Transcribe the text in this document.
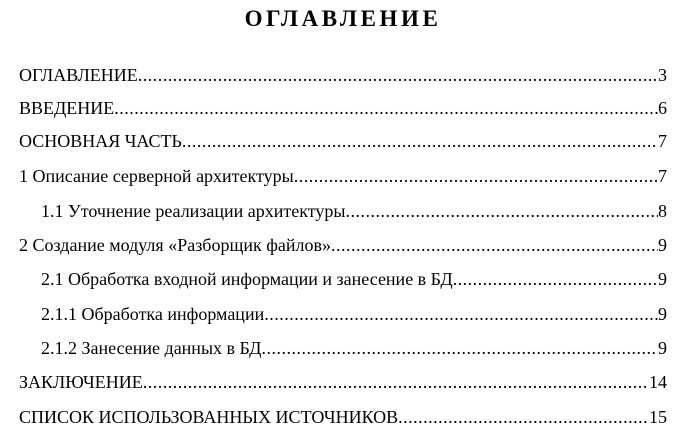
ОГЛАВЛЕНИЕ
ОГЛАВЛЕНИЕ .....	3
ВВЕДЕНИЕ .....	6
ОСНОВНАЯ ЧАСТЬ .....	7
1 Описание серверной архитектуры .....	7
1.1 Уточнение реализации архитектуры .....	8
2 Создание модуля «Разборщик файлов» .....	9
2.1 Обработка входной информации и занесение в БД .....	9
2.1.1 Обработка информации .....	9
2.1.2 Занесение данных в БД .....	9
ЗАКЛЮЧЕНИЕ .....	14
СПИСОК ИСПОЛЬЗОВАННЫХ ИСТОЧНИКОВ .....	15
